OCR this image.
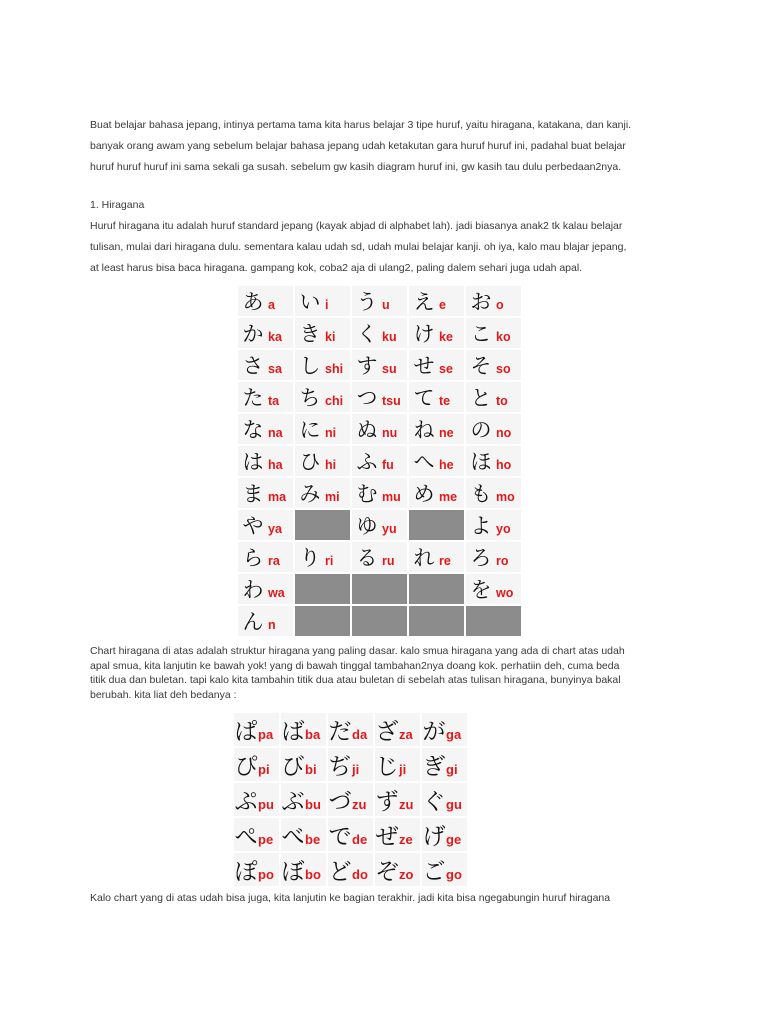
Buat belajar bahasa jepang, intinya pertama tama kita harus belajar 3 tipe huruf, yaitu hiragana, katakana, dan kanji.

banyak orang awam yang sebelum belajar bahasa jepang udah ketakutan gara huruf huruf ini, padahal buat belajar

huruf huruf huruf ini sama sekali ga susah. sebelum gw kasih diagram huruf ini, gw kasih tau dulu perbedaan2nya.

1. Hiragana

Huruf hiragana itu adalah huruf standard jepang (kayak abjad di alphabet lah). jadi biasanya anak2 tk kalau belajar

tulisan, mulai dari hiragana dulu. sementara kalau udah sd, udah mulai belajar kanji. oh iya, kalo mau blajar jepang,

at least harus bisa baca hiragana. gampang kok, coba2 aja di ulang2, paling dalem sehari juga udah apal.

あ a	い i	う u	え e	お o
か ka	き ki	く ku	け ke	こ ko
さ sa	し shi	す su	せ se	そ so
た ta	ち chi	つ tsu	て te	と to
な na	に ni	ぬ nu	ね ne	の no
は ha	ひ hi	ふ fu	へ he	ほ ho
ま ma	み mi	む mu	め me	も mo
や ya		ゆ yu		よ yo
ら ra	り ri	る ru	れ re	ろ ro
わ wa				を wo
ん n				

Chart hiragana di atas adalah struktur hiragana yang paling dasar. kalo smua hiragana yang ada di chart atas udah

apal smua, kita lanjutin ke bawah yok! yang di bawah tinggal tambahan2nya doang kok. perhatiin deh, cuma beda

titik dua dan buletan. tapi kalo kita tambahin titik dua atau buletan di sebelah atas tulisan hiragana, bunyinya bakal

berubah. kita liat deh bedanya :

ぱpa	ばba	だda	ざza	がga
ぴpi	びbi	ぢji	じji	ぎgi
ぷpu	ぶbu	づzu	ずzu	ぐgu
ぺpe	べbe	でde	ぜze	げge
ぽpo	ぼbo	どdo	ぞzo	ごgo

Kalo chart yang di atas udah bisa juga, kita lanjutin ke bagian terakhir. jadi kita bisa ngegabungin huruf hiragana
